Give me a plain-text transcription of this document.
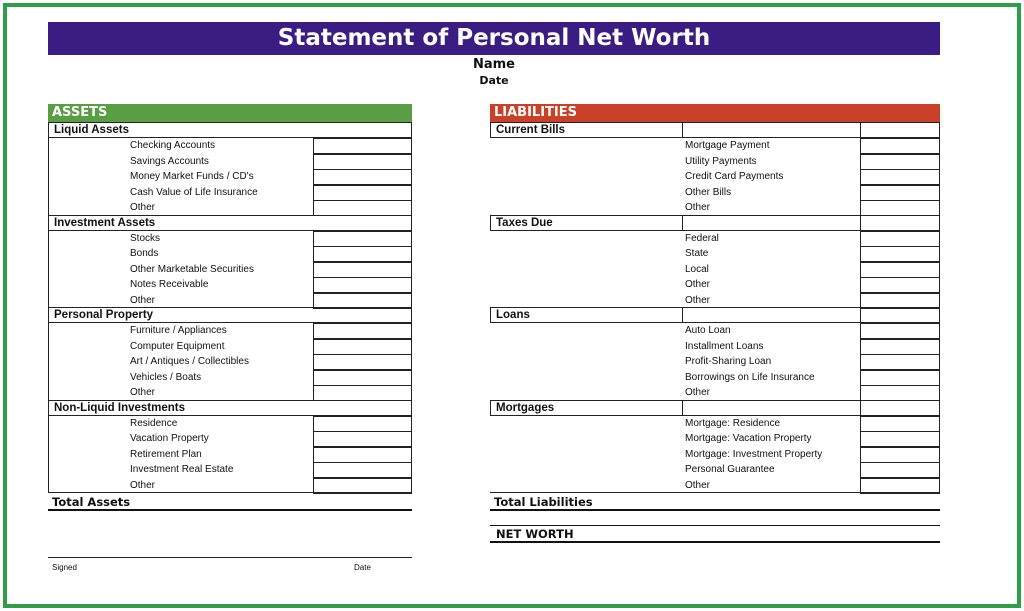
Statement of Personal Net Worth
Name
Date
ASSETS	LIABILITIES
Liquid Assets
Checking Accounts
Savings Accounts
Money Market Funds / CD's
Cash Value of Life Insurance
Other
Investment Assets
Stocks
Bonds
Other Marketable Securities
Notes Receivable
Other
Personal Property
Furniture / Appliances
Computer Equipment
Art / Antiques / Collectibles
Vehicles / Boats
Other
Non-Liquid Investments
Residence
Vacation Property
Retirement Plan
Investment Real Estate
Other
Current Bills
Mortgage Payment
Utility Payments
Credit Card Payments
Other Bills
Other
Taxes Due
Federal
State
Local
Other
Other
Loans
Auto Loan
Installment Loans
Profit-Sharing Loan
Borrowings on Life Insurance
Other
Mortgages
Mortgage: Residence
Mortgage: Vacation Property
Mortgage: Investment Property
Personal Guarantee
Other
Total Assets	Total Liabilities
NET WORTH
Signed	Date
